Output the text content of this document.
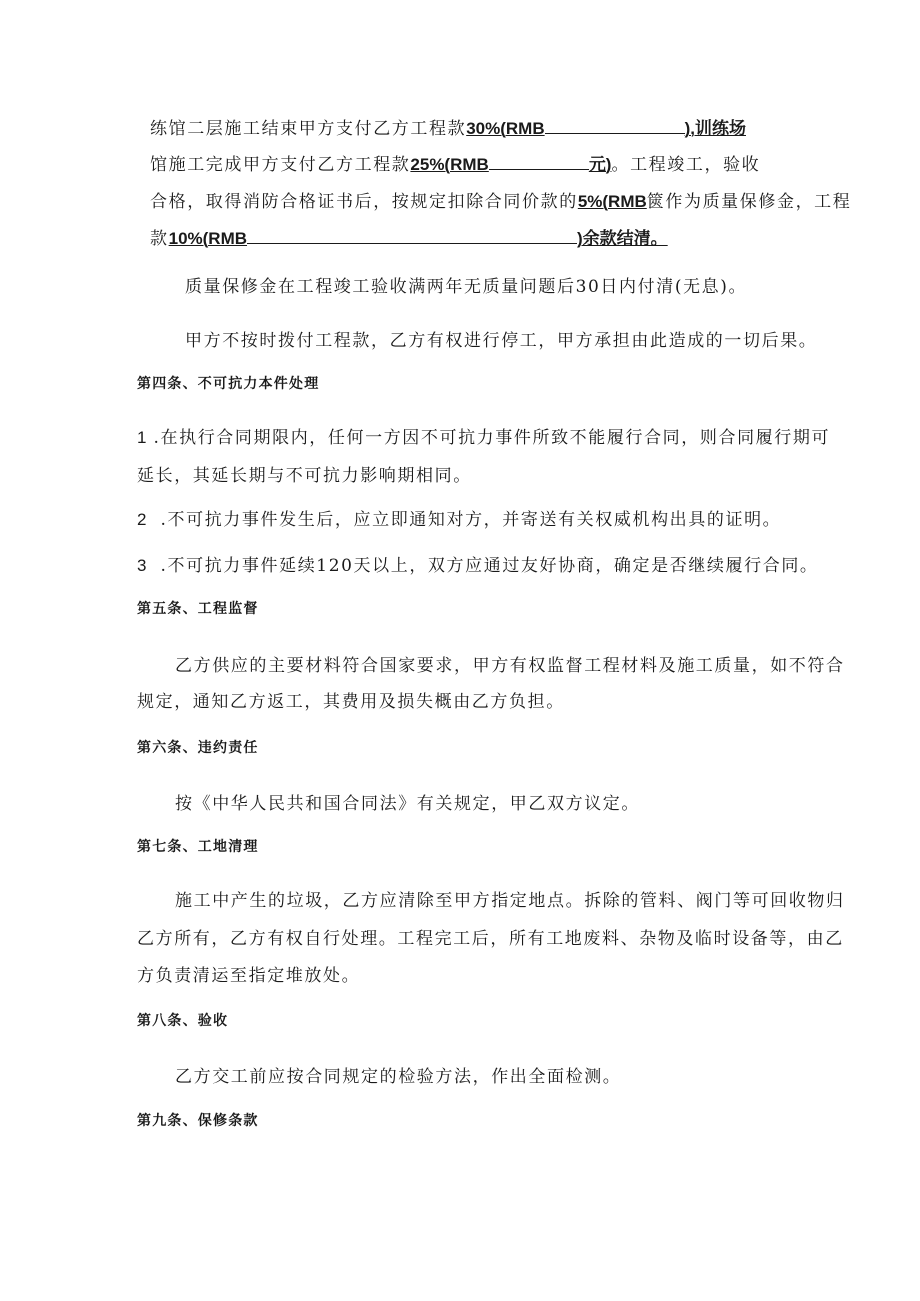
练馆二层施工结束甲方支付乙方工程款30%(RMB	),训练场
馆施工完成甲方支付乙方工程款25%(RMB	元)。工程竣工，验收
合格，取得消防合格证书后，按规定扣除合同价款的5%(RMB篋作为质量保修金，工程
款10%(RMB	)余款结清。
质量保修金在工程竣工验收满两年无质量问题后30日内付清(无息)。
甲方不按时拨付工程款，乙方有权进行停工，甲方承担由此造成的一切后果。
第四条、不可抗力本件处理
1 .在执行合同期限内，任何一方因不可抗力事件所致不能履行合同，则合同履行期可
延长，其延长期与不可抗力影响期相同。
2 .不可抗力事件发生后，应立即通知对方，并寄送有关权威机构出具的证明。
3 .不可抗力事件延续120天以上，双方应通过友好协商，确定是否继续履行合同。
第五条、工程监督
乙方供应的主要材料符合国家要求，甲方有权监督工程材料及施工质量，如不符合
规定，通知乙方返工，其费用及损失概由乙方负担。
第六条、违约责任
按《中华人民共和国合同法》有关规定，甲乙双方议定。
第七条、工地清理
施工中产生的垃圾，乙方应清除至甲方指定地点。拆除的管料、阀门等可回收物归
乙方所有，乙方有权自行处理。工程完工后，所有工地废料、杂物及临时设备等，由乙
方负责清运至指定堆放处。
第八条、验收
乙方交工前应按合同规定的检验方法，作出全面检测。
第九条、保修条款
